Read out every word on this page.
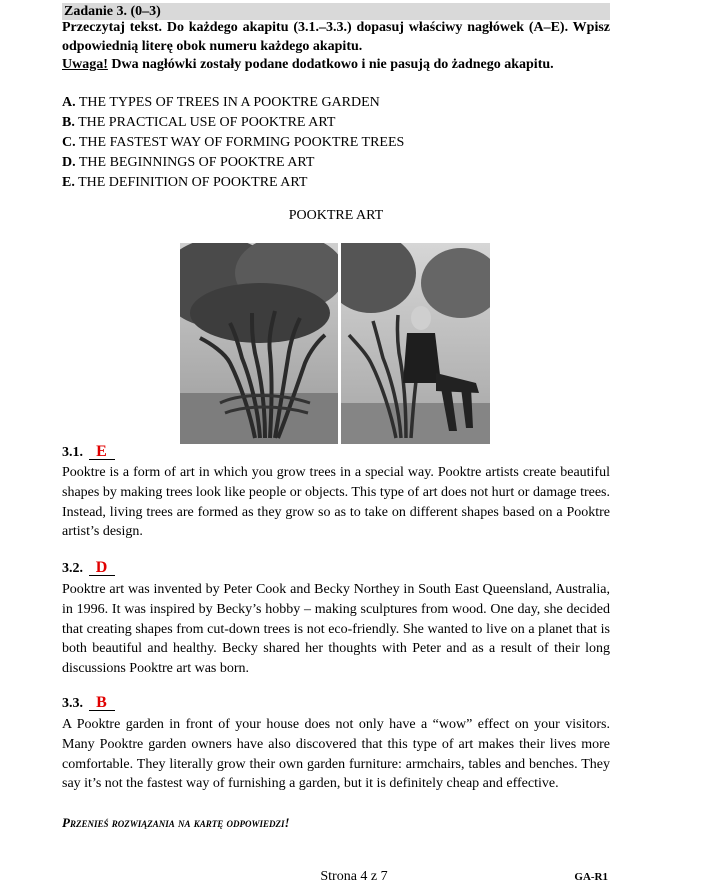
Zadanie 3. (0–3)
Przeczytaj tekst. Do każdego akapitu (3.1.–3.3.) dopasuj właściwy nagłówek (A–E). Wpisz odpowiednią literę obok numeru każdego akapitu.
Uwaga! Dwa nagłówki zostały podane dodatkowo i nie pasują do żadnego akapitu.
A. THE TYPES OF TREES IN A POOKTRE GARDEN
B. THE PRACTICAL USE OF POOKTRE ART
C. THE FASTEST WAY OF FORMING POOKTRE TREES
D. THE BEGINNINGS OF POOKTRE ART
E. THE DEFINITION OF POOKTRE ART
POOKTRE ART
3.1. E
Pooktre is a form of art in which you grow trees in a special way. Pooktre artists create beautiful shapes by making trees look like people or objects. This type of art does not hurt or damage trees. Instead, living trees are formed as they grow so as to take on different shapes based on a Pooktre artist’s design.
3.2. D
Pooktre art was invented by Peter Cook and Becky Northey in South East Queensland, Australia, in 1996. It was inspired by Becky’s hobby – making sculptures from wood. One day, she decided that creating shapes from cut-down trees is not eco-friendly. She wanted to live on a planet that is both beautiful and healthy. Becky shared her thoughts with Peter and as a result of their long discussions Pooktre art was born.
3.3. B
A Pooktre garden in front of your house does not only have a “wow” effect on your visitors. Many Pooktre garden owners have also discovered that this type of art makes their lives more comfortable. They literally grow their own garden furniture: armchairs, tables and benches. They say it’s not the fastest way of furnishing a garden, but it is definitely cheap and effective.
Przenieś rozwiązania na kartę odpowiedzi!
Strona 4 z 7	GA-R1
